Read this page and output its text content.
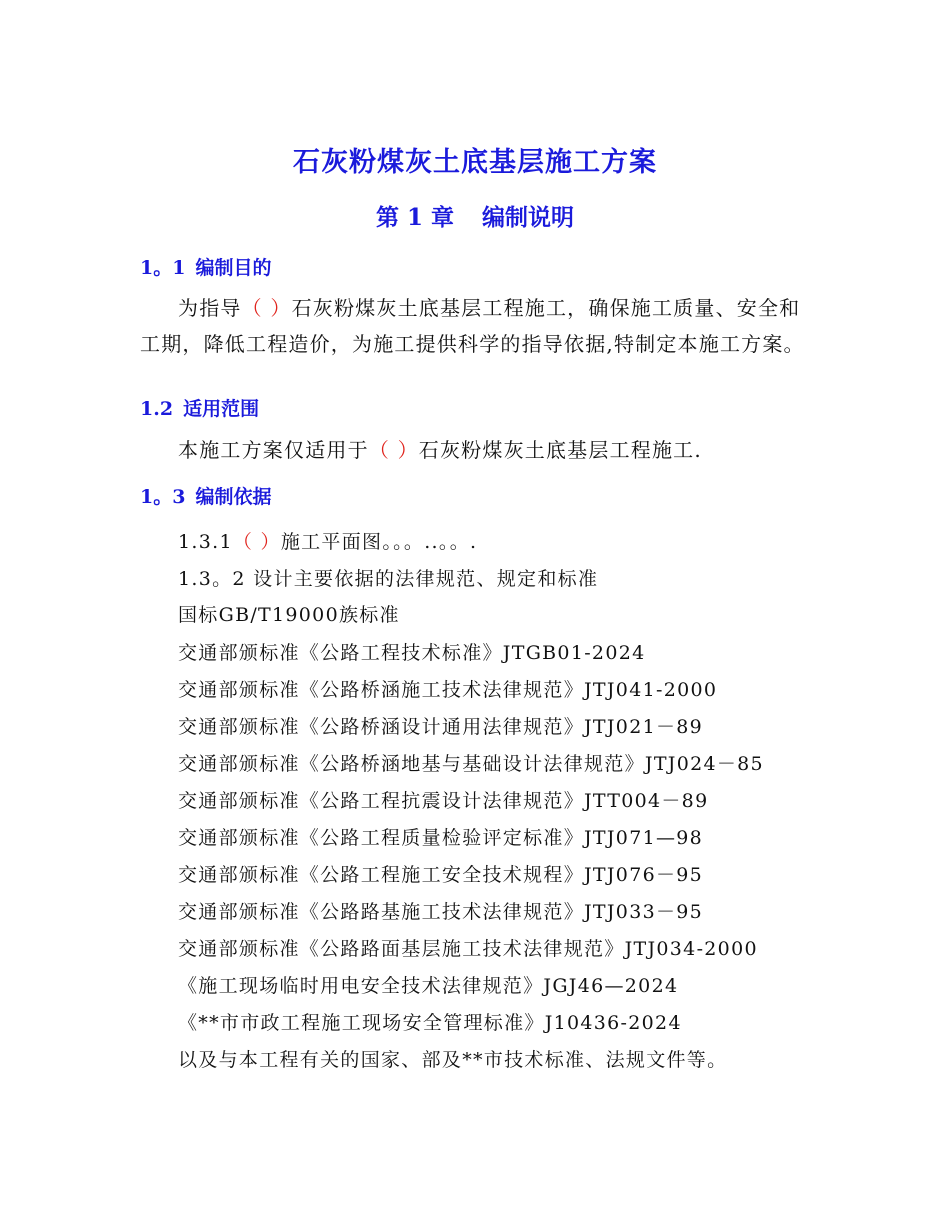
石灰粉煤灰土底基层施工方案
第 1 章 编制说明
1。1 编制目的
为指导（ ）石灰粉煤灰土底基层工程施工，确保施工质量、安全和工期，降低工程造价，为施工提供科学的指导依据,特制定本施工方案。
1.2 适用范围
本施工方案仅适用于（ ）石灰粉煤灰土底基层工程施工.
1。3 编制依据
1.3.1（ ）施工平面图。。。..。。.
1.3。2 设计主要依据的法律规范、规定和标准
国标GB/T19000族标准
交通部颁标准《公路工程技术标准》JTGB01-2024
交通部颁标准《公路桥涵施工技术法律规范》JTJ041-2000
交通部颁标准《公路桥涵设计通用法律规范》JTJ021－89
交通部颁标准《公路桥涵地基与基础设计法律规范》JTJ024－85
交通部颁标准《公路工程抗震设计法律规范》JTT004－89
交通部颁标准《公路工程质量检验评定标准》JTJ071—98
交通部颁标准《公路工程施工安全技术规程》JTJ076－95
交通部颁标准《公路路基施工技术法律规范》JTJ033－95
交通部颁标准《公路路面基层施工技术法律规范》JTJ034-2000
《施工现场临时用电安全技术法律规范》JGJ46—2024
《**市市政工程施工现场安全管理标准》J10436-2024
以及与本工程有关的国家、部及**市技术标准、法规文件等。
